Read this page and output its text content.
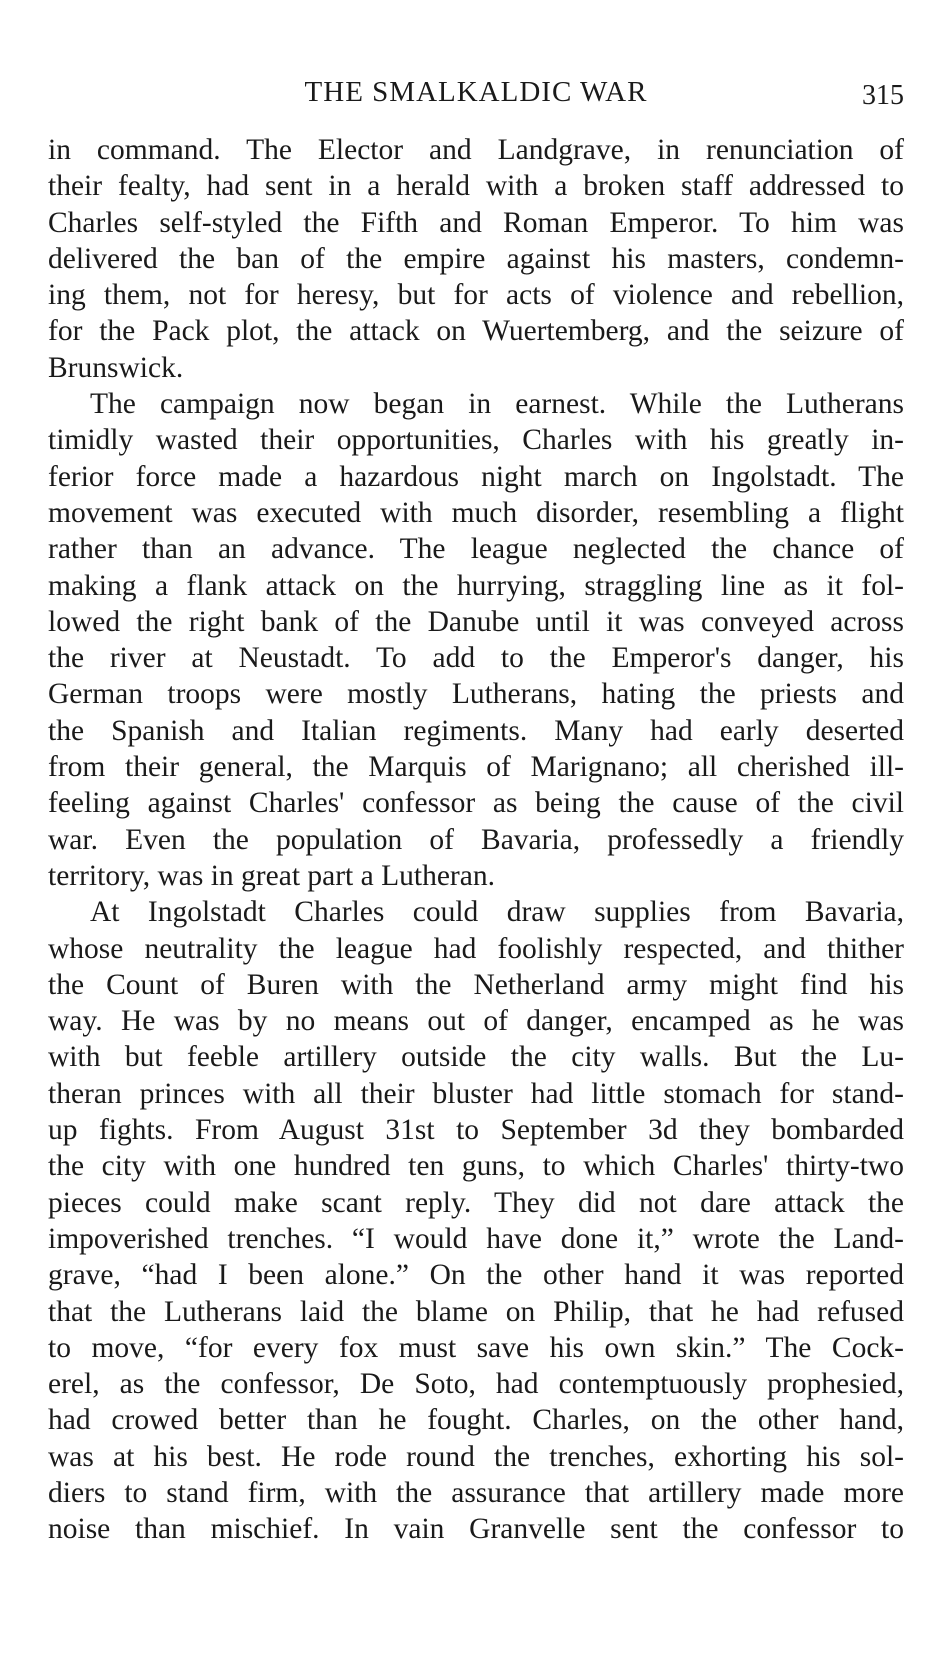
THE SMALKALDIC WAR	315
in command. The Elector and Landgrave, in renunciation of
their fealty, had sent in a herald with a broken staff addressed to
Charles self-styled the Fifth and Roman Emperor. To him was
delivered the ban of the empire against his masters, condemn-
ing them, not for heresy, but for acts of violence and rebellion,
for the Pack plot, the attack on Wuertemberg, and the seizure of
Brunswick.
The campaign now began in earnest. While the Lutherans
timidly wasted their opportunities, Charles with his greatly in-
ferior force made a hazardous night march on Ingolstadt. The
movement was executed with much disorder, resembling a flight
rather than an advance. The league neglected the chance of
making a flank attack on the hurrying, straggling line as it fol-
lowed the right bank of the Danube until it was conveyed across
the river at Neustadt. To add to the Emperor's danger, his
German troops were mostly Lutherans, hating the priests and
the Spanish and Italian regiments. Many had early deserted
from their general, the Marquis of Marignano; all cherished ill-
feeling against Charles' confessor as being the cause of the civil
war. Even the population of Bavaria, professedly a friendly
territory, was in great part a Lutheran.
At Ingolstadt Charles could draw supplies from Bavaria,
whose neutrality the league had foolishly respected, and thither
the Count of Buren with the Netherland army might find his
way. He was by no means out of danger, encamped as he was
with but feeble artillery outside the city walls. But the Lu-
theran princes with all their bluster had little stomach for stand-
up fights. From August 31st to September 3d they bombarded
the city with one hundred ten guns, to which Charles' thirty-two
pieces could make scant reply. They did not dare attack the
impoverished trenches. “I would have done it,” wrote the Land-
grave, “had I been alone.” On the other hand it was reported
that the Lutherans laid the blame on Philip, that he had refused
to move, “for every fox must save his own skin.” The Cock-
erel, as the confessor, De Soto, had contemptuously prophesied,
had crowed better than he fought. Charles, on the other hand,
was at his best. He rode round the trenches, exhorting his sol-
diers to stand firm, with the assurance that artillery made more
noise than mischief. In vain Granvelle sent the confessor to
